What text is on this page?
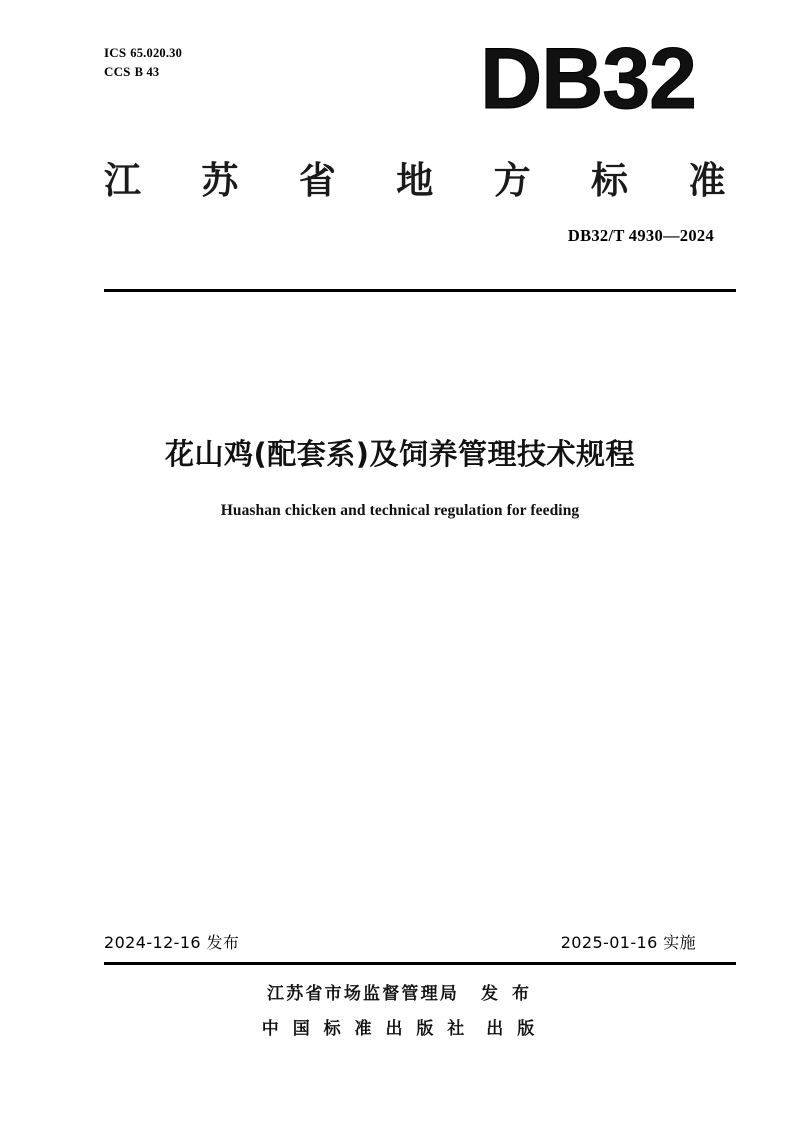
ICS 65.020.30
CCS B 43	DB32
江 苏 省 地 方 标 准
DB32/T 4930—2024
花山鸡(配套系)及饲养管理技术规程
Huashan chicken and technical regulation for feeding
2024-12-16 发布	2025-01-16 实施
江苏省市场监督管理局 发 布
中 国 标 准 出 版 社 出 版
